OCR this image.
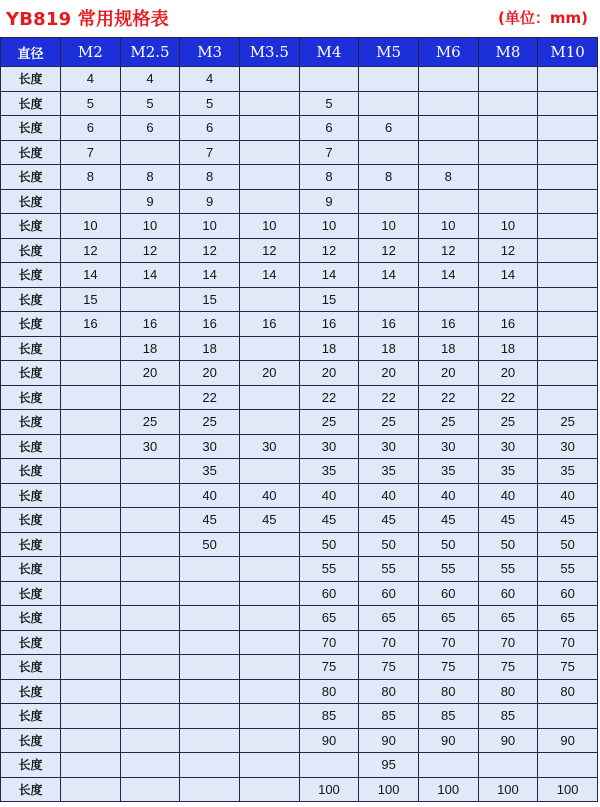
YB819 常用规格表	(单位：mm)
直径	M2	M2.5	M3	M3.5	M4	M5	M6	M8	M10
长度	4	4	4						
长度	5	5	5		5				
长度	6	6	6		6	6			
长度	7		7		7				
长度	8	8	8		8	8	8		
长度		9	9		9				
长度	10	10	10	10	10	10	10	10	
长度	12	12	12	12	12	12	12	12	
长度	14	14	14	14	14	14	14	14	
长度	15		15		15				
长度	16	16	16	16	16	16	16	16	
长度		18	18		18	18	18	18	
长度		20	20	20	20	20	20	20	
长度			22		22	22	22	22	
长度		25	25		25	25	25	25	25
长度		30	30	30	30	30	30	30	30
长度			35		35	35	35	35	35
长度			40	40	40	40	40	40	40
长度			45	45	45	45	45	45	45
长度			50		50	50	50	50	50
长度					55	55	55	55	55
长度					60	60	60	60	60
长度					65	65	65	65	65
长度					70	70	70	70	70
长度					75	75	75	75	75
长度					80	80	80	80	80
长度					85	85	85	85	
长度					90	90	90	90	90
长度						95			
长度					100	100	100	100	100
